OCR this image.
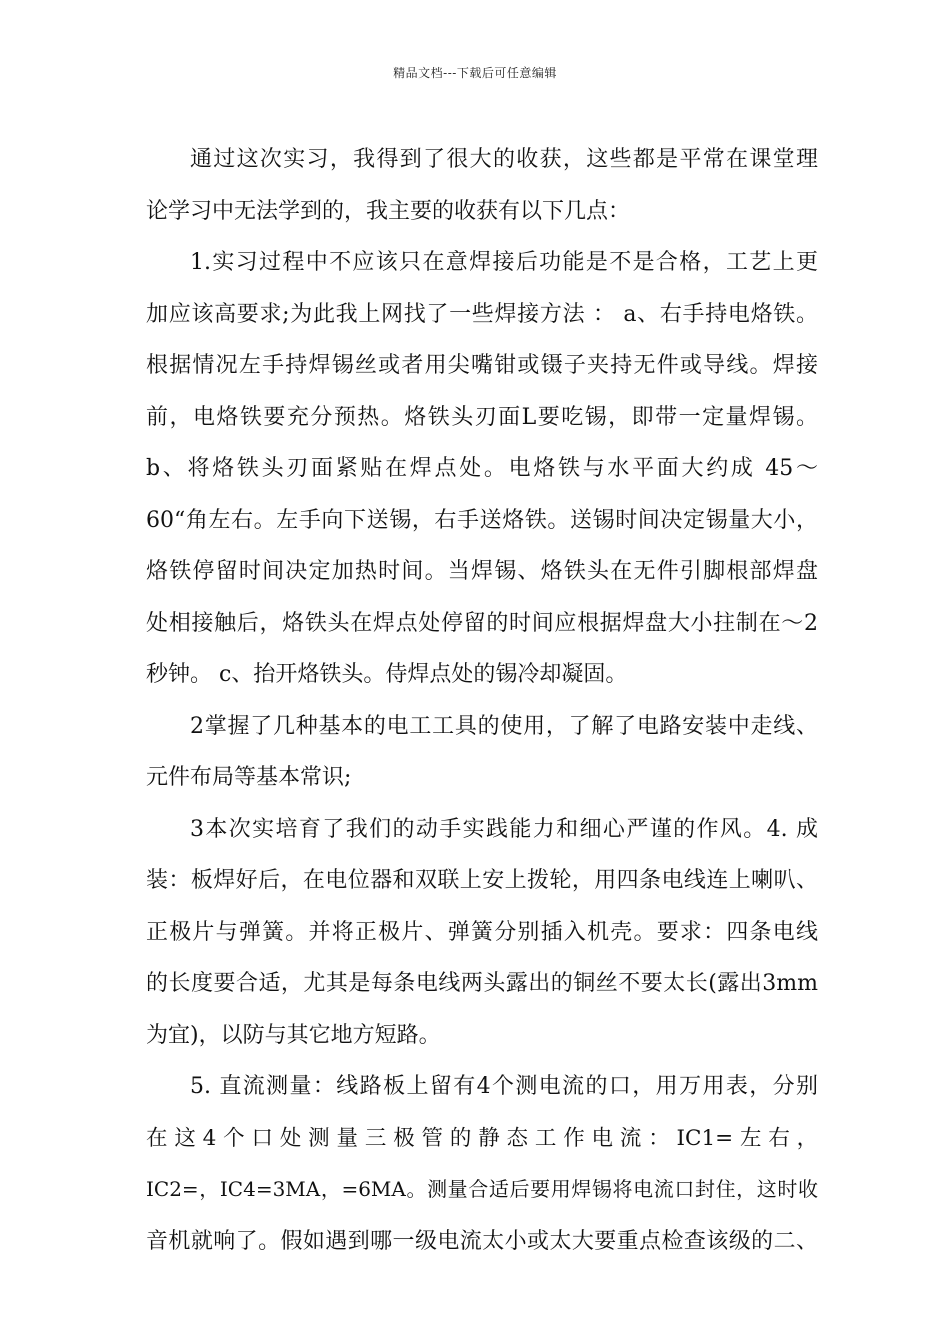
精品文档---下载后可任意编辑
通过这次实习，我得到了很大的收获，这些都是平常在课堂理
论学习中无法学到的，我主要的收获有以下几点：
1.实习过程中不应该只在意焊接后功能是不是合格，工艺上更
加应该高要求;为此我上网找了一些焊接方法 ： a、右手持电烙铁。
根据情况左手持焊锡丝或者用尖嘴钳或镊子夹持无件或导线。焊接
前，电烙铁要充分预热。烙铁头刃面L要吃锡，即带一定量焊锡。
b、将烙铁头刃面紧贴在焊点处。电烙铁与水平面大约成 45～
60“角左右。左手向下送锡，右手送烙铁。送锡时间决定锡量大小，
烙铁停留时间决定加热时间。当焊锡、烙铁头在无件引脚根部焊盘
处相接触后，烙铁头在焊点处停留的时间应根据焊盘大小拄制在～2
秒钟。 c、抬开烙铁头。侍焊点处的锡冷却凝固。
2掌握了几种基本的电工工具的使用，了解了电路安装中走线、
元件布局等基本常识;
3本次实培育了我们的动手实践能力和细心严谨的作风。4. 成
装：板焊好后，在电位器和双联上安上拨轮，用四条电线连上喇叭、
正极片与弹簧。并将正极片、弹簧分别插入机壳。要求：四条电线
的长度要合适，尤其是每条电线两头露出的铜丝不要太长(露出3mm
为宜)，以防与其它地方短路。
5. 直流测量：线路板上留有4个测电流的口，用万用表，分别
在 这 4 个 口 处 测 量 三 极 管 的 静 态 工 作 电 流 ： IC1= 左 右 ，
IC2=，IC4=3MA，=6MA。测量合适后要用焊锡将电流口封住，这时收
音机就响了。假如遇到哪一级电流太小或太大要重点检查该级的二、
